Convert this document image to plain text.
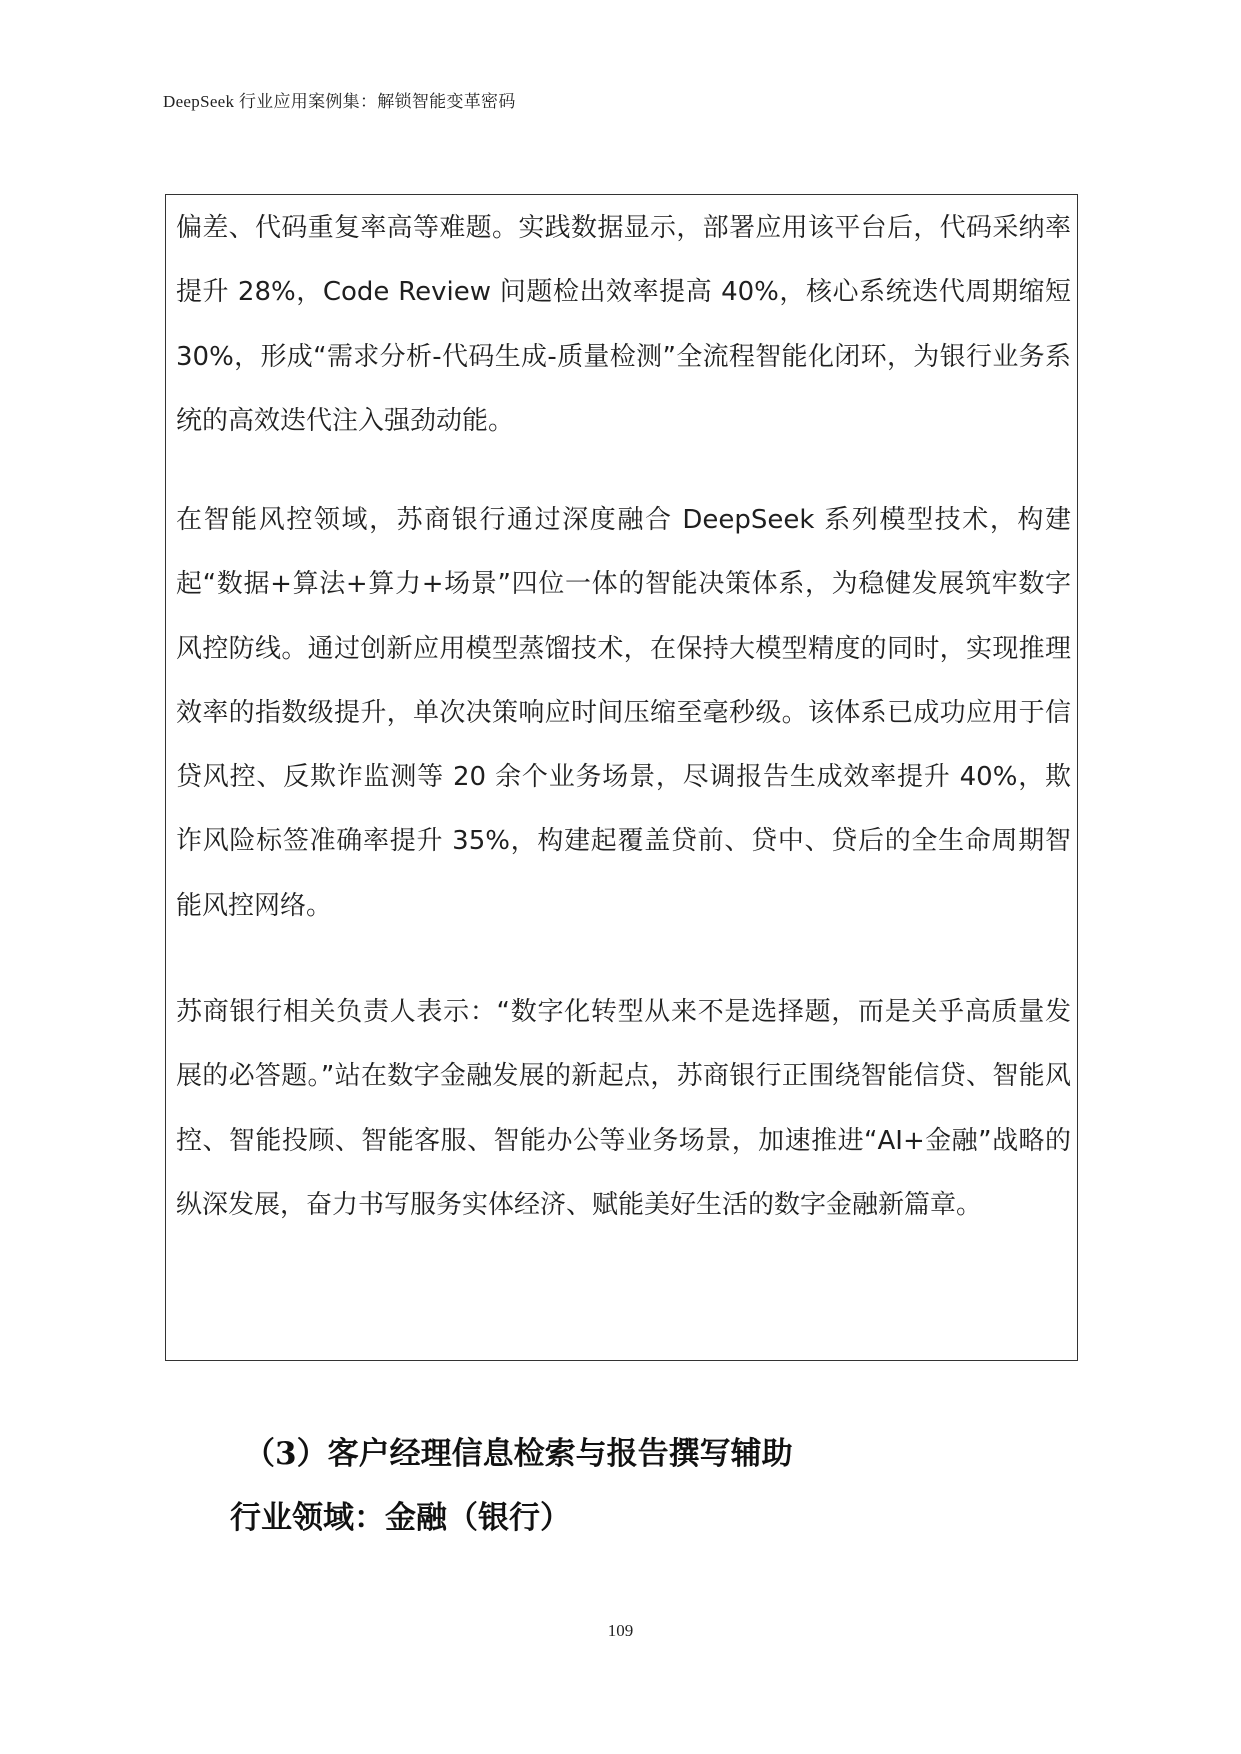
DeepSeek 行业应用案例集：解锁智能变革密码

偏差、代码重复率高等难题。实践数据显示，部署应用该平台后，代码采纳率提升 28%，Code Review 问题检出效率提高 40%，核心系统迭代周期缩短 30%，形成“需求分析-代码生成-质量检测”全流程智能化闭环，为银行业务系统的高效迭代注入强劲动能。

在智能风控领域，苏商银行通过深度融合 DeepSeek 系列模型技术，构建起“数据+算法+算力+场景”四位一体的智能决策体系，为稳健发展筑牢数字风控防线。通过创新应用模型蒸馏技术，在保持大模型精度的同时，实现推理效率的指数级提升，单次决策响应时间压缩至毫秒级。该体系已成功应用于信贷风控、反欺诈监测等 20 余个业务场景，尽调报告生成效率提升 40%，欺诈风险标签准确率提升 35%，构建起覆盖贷前、贷中、贷后的全生命周期智能风控网络。

苏商银行相关负责人表示：“数字化转型从来不是选择题，而是关乎高质量发展的必答题。”站在数字金融发展的新起点，苏商银行正围绕智能信贷、智能风控、智能投顾、智能客服、智能办公等业务场景，加速推进“AI+金融”战略的纵深发展，奋力书写服务实体经济、赋能美好生活的数字金融新篇章。

（3）客户经理信息检索与报告撰写辅助
行业领域：金融（银行）
109
